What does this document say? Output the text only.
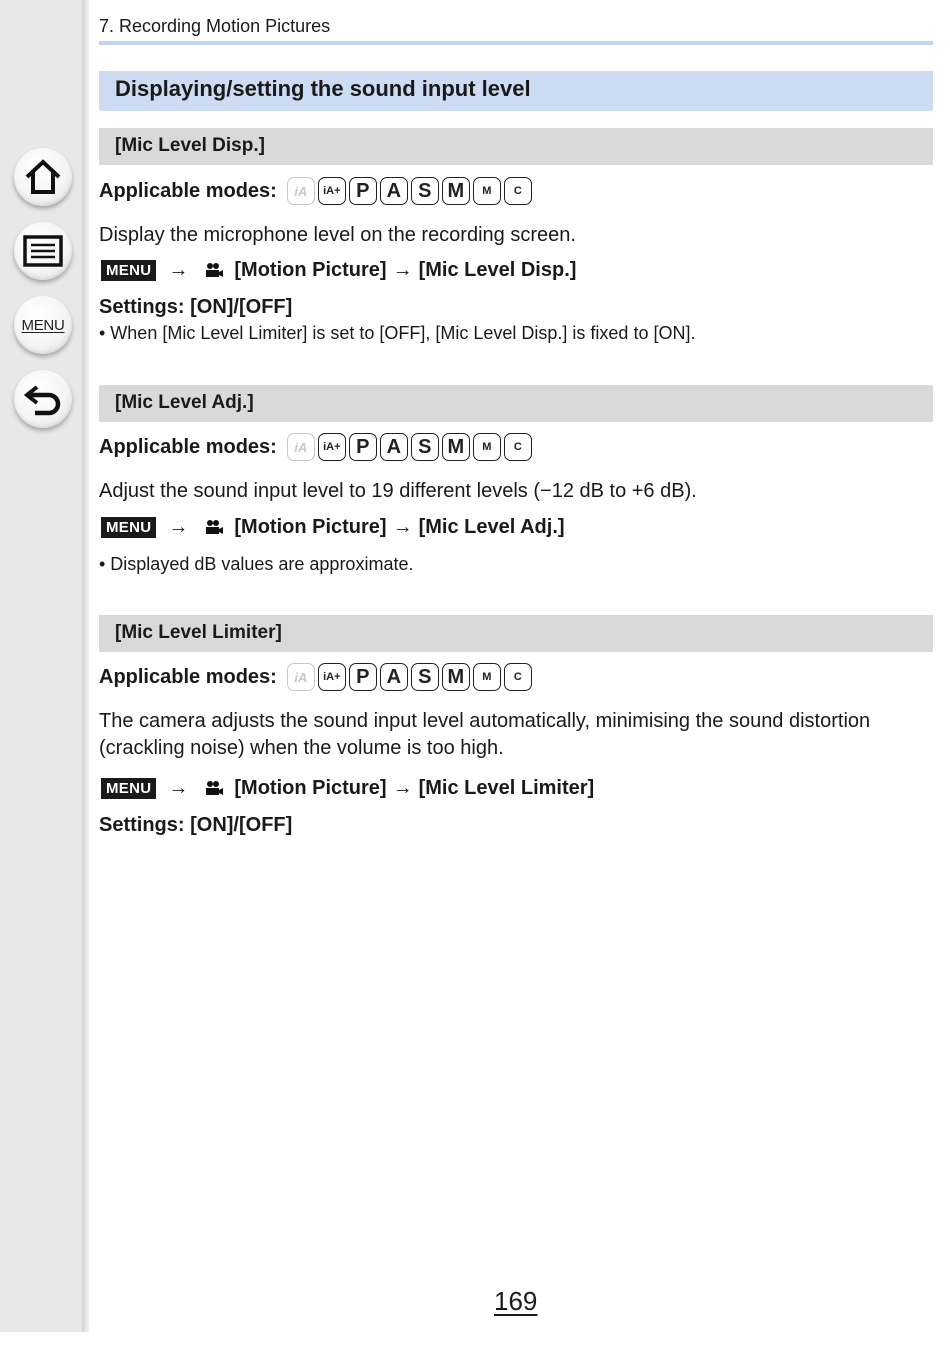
MENU
7. Recording Motion Pictures
Displaying/setting the sound input level
[Mic Level Disp.]
Applicable modes:	iA	iA+ P A S M	M	C
Display the microphone level on the recording screen.
MENU → [Motion Picture] → [Mic Level Disp.]
Settings: [ON]/[OFF]
• When [Mic Level Limiter] is set to [OFF], [Mic Level Disp.] is fixed to [ON].
[Mic Level Adj.]
Applicable modes:	iA	iA+ P A S M	M	C
Adjust the sound input level to 19 different levels (−12 dB to +6 dB).
MENU → [Motion Picture] → [Mic Level Adj.]
• Displayed dB values are approximate.
[Mic Level Limiter]
Applicable modes:	iA	iA+ P A S M	M	C
The camera adjusts the sound input level automatically, minimising the sound distortion (crackling noise) when the volume is too high.
MENU → [Motion Picture] → [Mic Level Limiter]
Settings: [ON]/[OFF]
169
